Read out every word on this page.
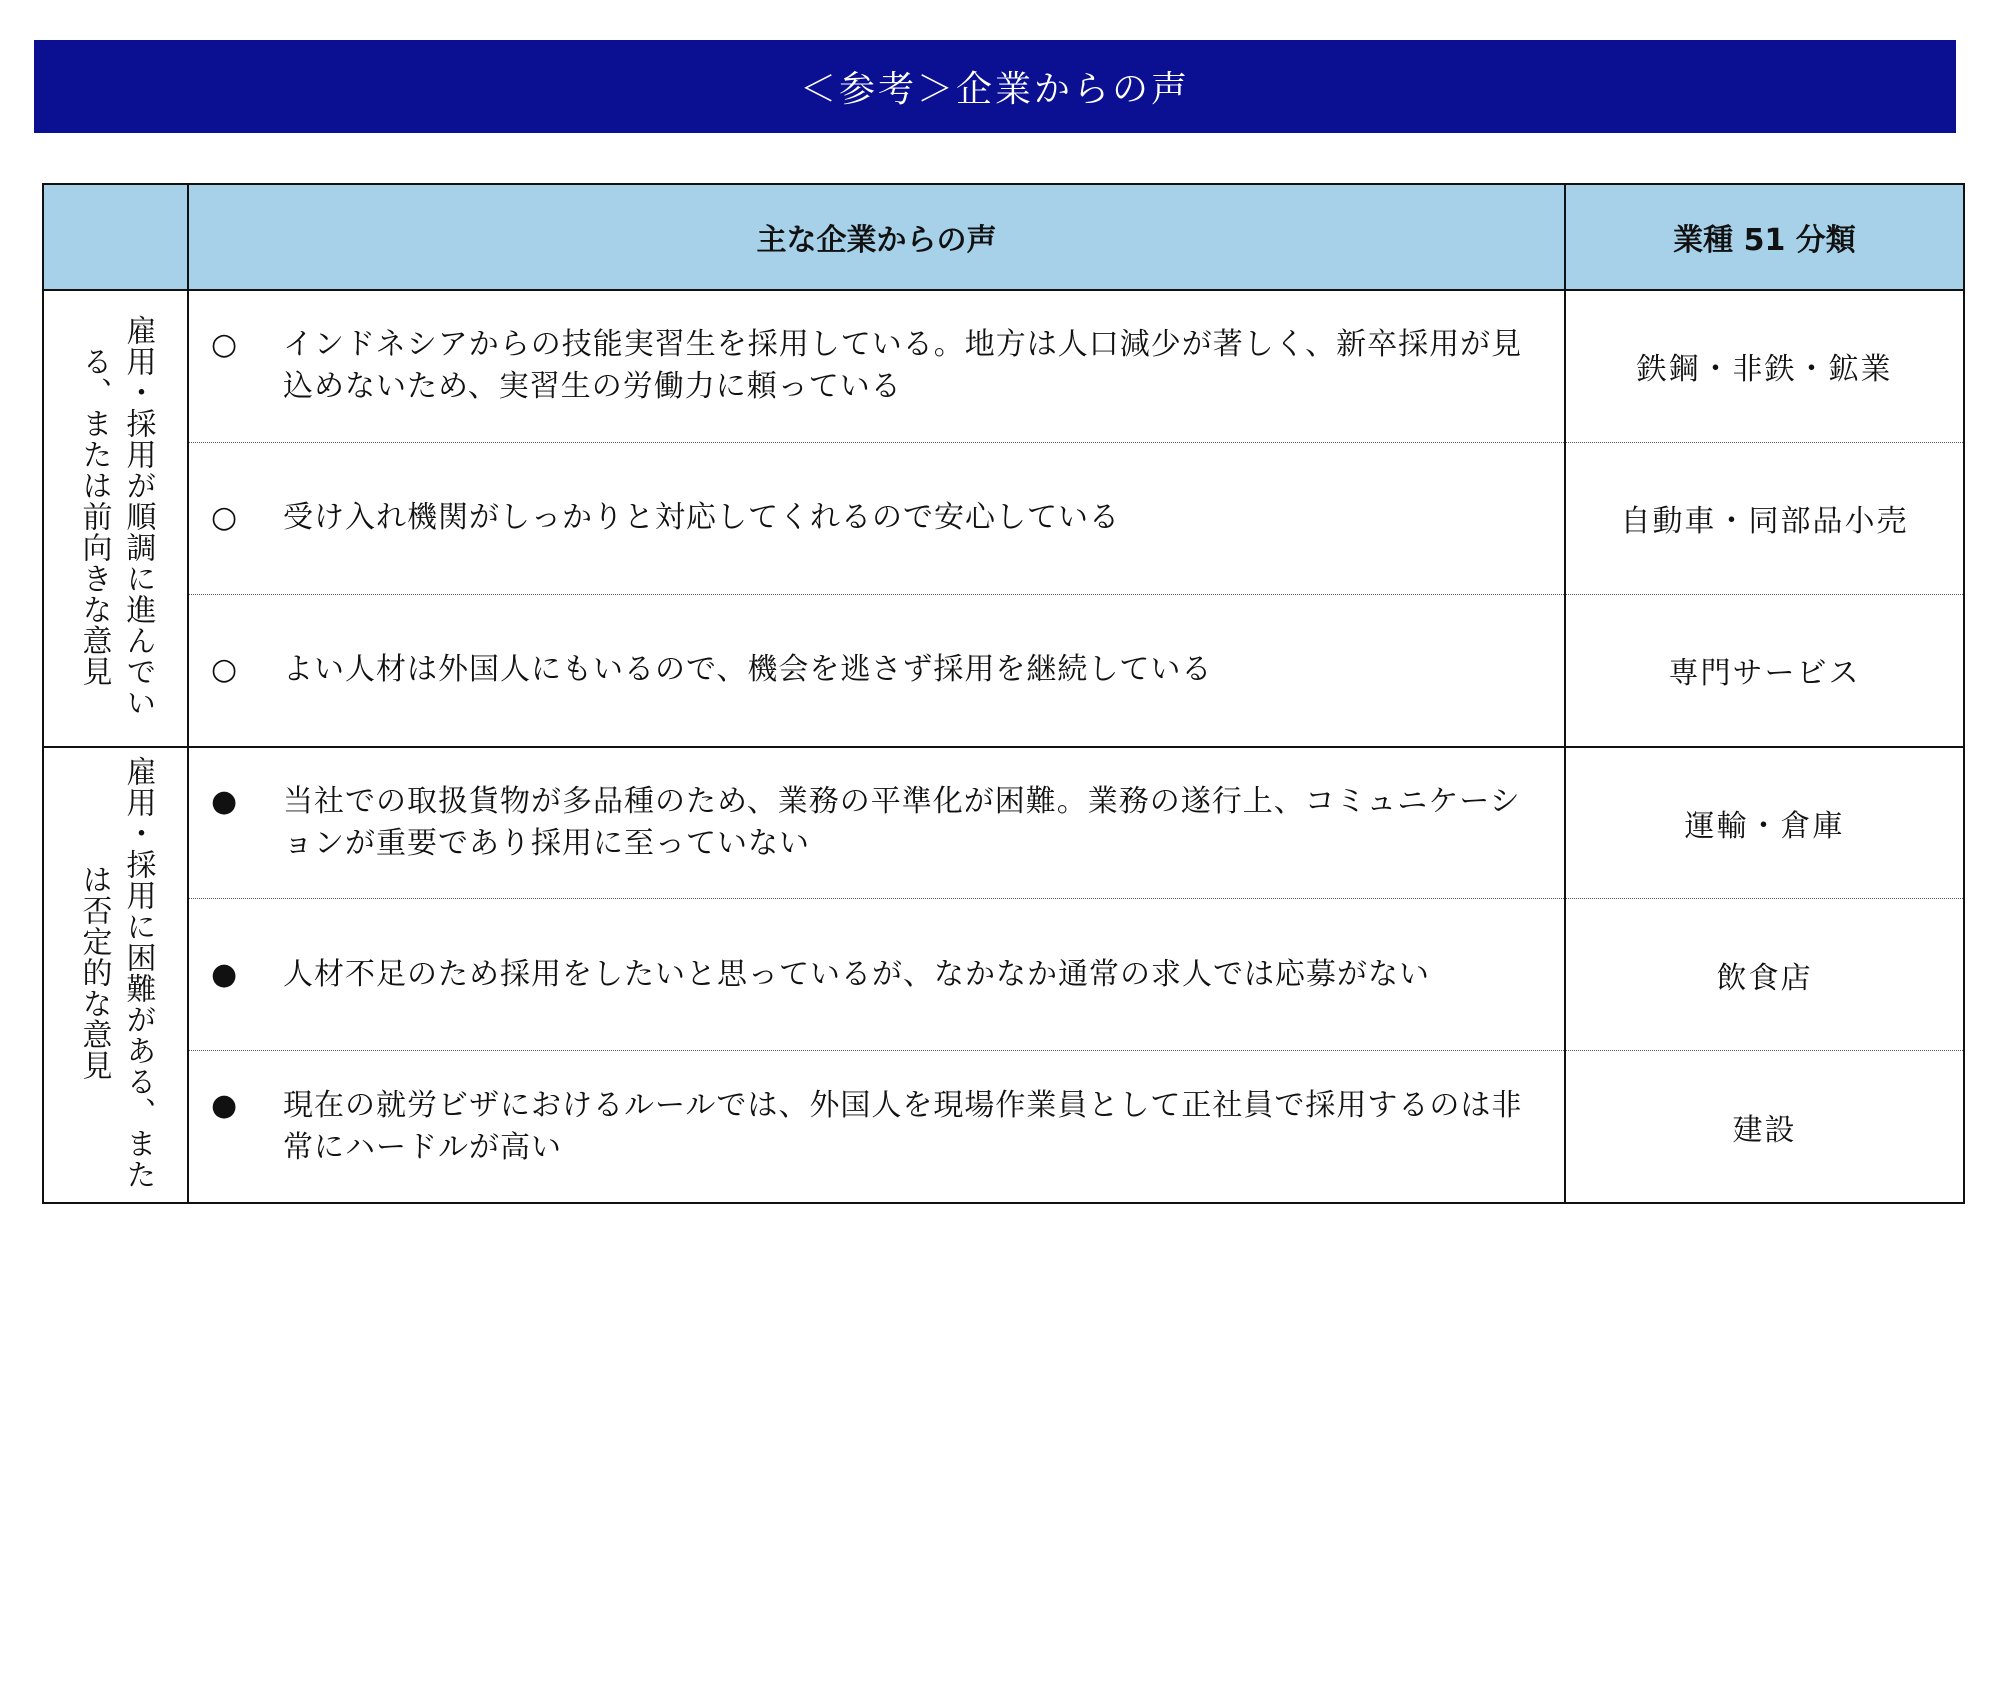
＜参考＞企業からの声
	主な企業からの声	業種 51 分類
雇用・採用が順調に進んでいる、または前向きな意見	○ インドネシアからの技能実習生を採用している。地方は人口減少が著しく、新卒採用が見込めないため、実習生の労働力に頼っている	鉄鋼・非鉄・鉱業

	○ 受け入れ機関がしっかりと対応してくれるので安心している	自動車・同部品小売

	○ よい人材は外国人にもいるので、機会を逃さず採用を継続している	専門サービス
雇用・採用に困難がある、または否定的な意見	● 当社での取扱貨物が多品種のため、業務の平準化が困難。業務の遂行上、コミュニケーションが重要であり採用に至っていない	運輸・倉庫

	● 人材不足のため採用をしたいと思っているが、なかなか通常の求人では応募がない	飲食店

	● 現在の就労ビザにおけるルールでは、外国人を現場作業員として正社員で採用するのは非常にハードルが高い	建設
